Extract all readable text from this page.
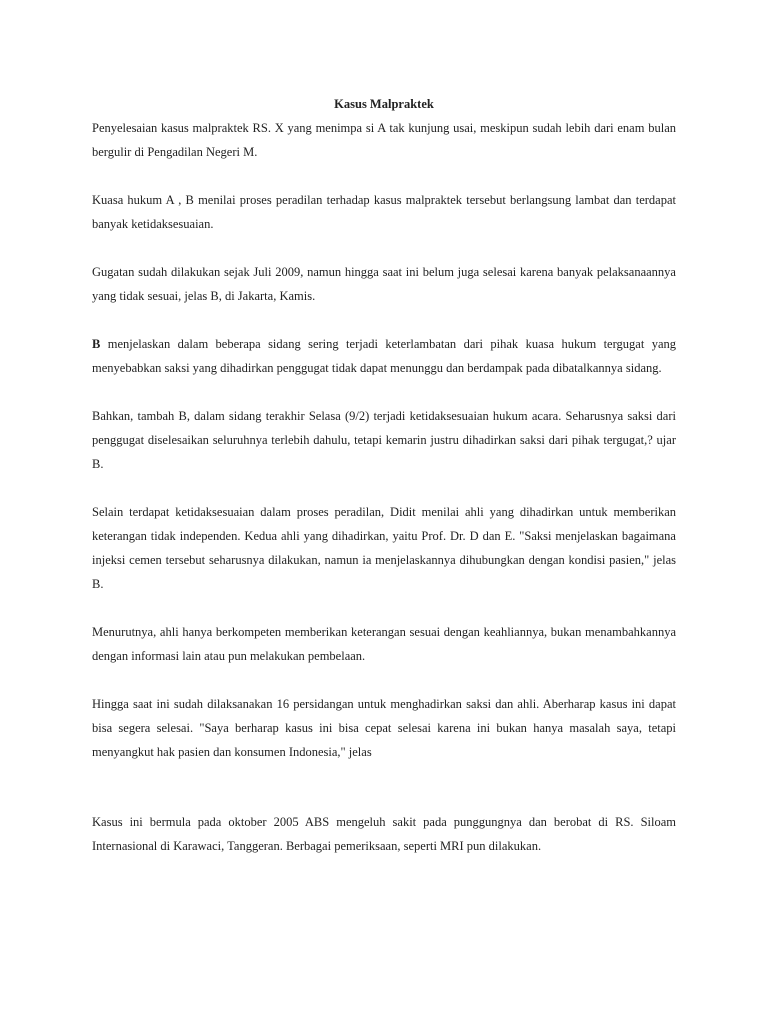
Kasus Malpraktek

Penyelesaian kasus malpraktek RS. X yang menimpa si A tak kunjung usai, meskipun sudah lebih dari enam bulan bergulir di Pengadilan Negeri M.

Kuasa hukum A , B menilai proses peradilan terhadap kasus malpraktek tersebut berlangsung lambat dan terdapat banyak ketidaksesuaian.

Gugatan sudah dilakukan sejak Juli 2009, namun hingga saat ini belum juga selesai karena banyak pelaksanaannya yang tidak sesuai, jelas B, di Jakarta, Kamis.

B menjelaskan dalam beberapa sidang sering terjadi keterlambatan dari pihak kuasa hukum tergugat yang menyebabkan saksi yang dihadirkan penggugat tidak dapat menunggu dan berdampak pada dibatalkannya sidang.

Bahkan, tambah B, dalam sidang terakhir Selasa (9/2) terjadi ketidaksesuaian hukum acara. Seharusnya saksi dari penggugat diselesaikan seluruhnya terlebih dahulu, tetapi kemarin justru dihadirkan saksi dari pihak tergugat,? ujar B.

Selain terdapat ketidaksesuaian dalam proses peradilan, Didit menilai ahli yang dihadirkan untuk memberikan keterangan tidak independen. Kedua ahli yang dihadirkan, yaitu Prof. Dr. D dan E. "Saksi menjelaskan bagaimana injeksi cemen tersebut seharusnya dilakukan, namun ia menjelaskannya dihubungkan dengan kondisi pasien," jelas B.

Menurutnya, ahli hanya berkompeten memberikan keterangan sesuai dengan keahliannya, bukan menambahkannya dengan informasi lain atau pun melakukan pembelaan.

Hingga saat ini sudah dilaksanakan 16 persidangan untuk menghadirkan saksi dan ahli. Aberharap kasus ini dapat bisa segera selesai. "Saya berharap kasus ini bisa cepat selesai karena ini bukan hanya masalah saya, tetapi menyangkut hak pasien dan konsumen Indonesia," jelas

Kasus ini bermula pada oktober 2005 ABS mengeluh sakit pada punggungnya dan berobat di RS. Siloam Internasional di Karawaci, Tanggeran. Berbagai pemeriksaan, seperti MRI pun dilakukan.
